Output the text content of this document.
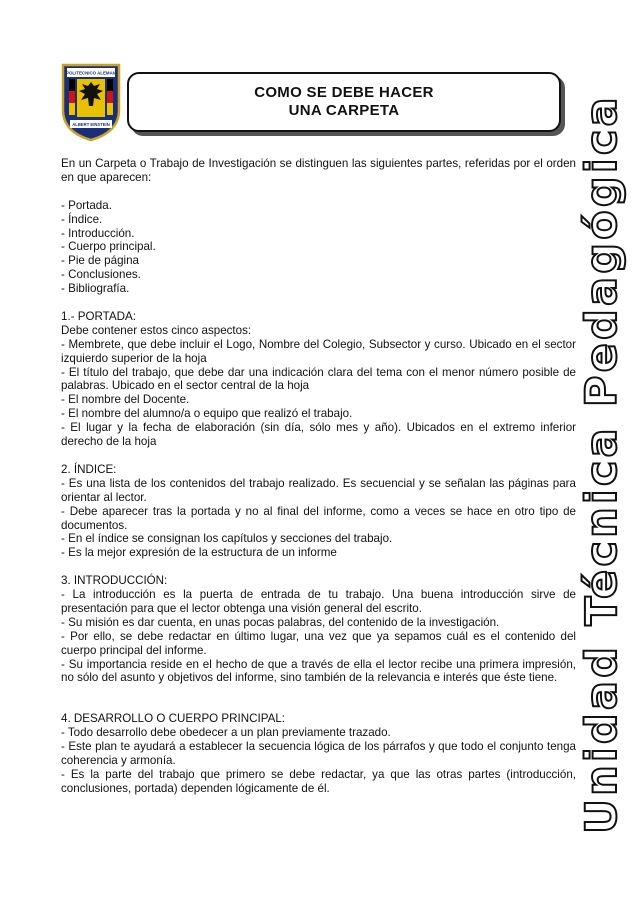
POLITECNICO ALEMAN
ALBERT EINSTEIN
COMO SE DEBE HACER
UNA CARPETA	Unidad Técnica Pedagógica

En un Carpeta o Trabajo de Investigación se distinguen las siguientes partes, referidas por el orden en que aparecen:

- Portada.

- Índice.

- Introducción.

- Cuerpo principal.

- Pie de página

- Conclusiones.

- Bibliografía.

1.- PORTADA:

Debe contener estos cinco aspectos:

- Membrete, que debe incluir el Logo, Nombre del Colegio, Subsector y curso. Ubicado en el sector izquierdo superior de la hoja

- El título del trabajo, que debe dar una indicación clara del tema con el menor número posible de palabras. Ubicado en el sector central de la hoja

- El nombre del Docente.

- El nombre del alumno/a o equipo que realizó el trabajo.

- El lugar y la fecha de elaboración (sin día, sólo mes y año). Ubicados en el extremo inferior derecho de la hoja

2. ÍNDICE:

- Es una lista de los contenidos del trabajo realizado. Es secuencial y se señalan las páginas para orientar al lector.

- Debe aparecer tras la portada y no al final del informe, como a veces se hace en otro tipo de documentos.

- En el índice se consignan los capítulos y secciones del trabajo.

- Es la mejor expresión de la estructura de un informe

3. INTRODUCCIÓN:

- La introducción es la puerta de entrada de tu trabajo. Una buena introducción sirve de presentación para que el lector obtenga una visión general del escrito.

- Su misión es dar cuenta, en unas pocas palabras, del contenido de la investigación.

- Por ello, se debe redactar en último lugar, una vez que ya sepamos cuál es el contenido del cuerpo principal del informe.

- Su importancia reside en el hecho de que a través de ella el lector recibe una primera impresión, no sólo del asunto y objetivos del informe, sino también de la relevancia e interés que éste tiene.

4. DESARROLLO O CUERPO PRINCIPAL:

- Todo desarrollo debe obedecer a un plan previamente trazado.

- Este plan te ayudará a establecer la secuencia lógica de los párrafos y que todo el conjunto tenga coherencia y armonía.

- Es la parte del trabajo que primero se debe redactar, ya que las otras partes (introducción, conclusiones, portada) dependen lógicamente de él.
